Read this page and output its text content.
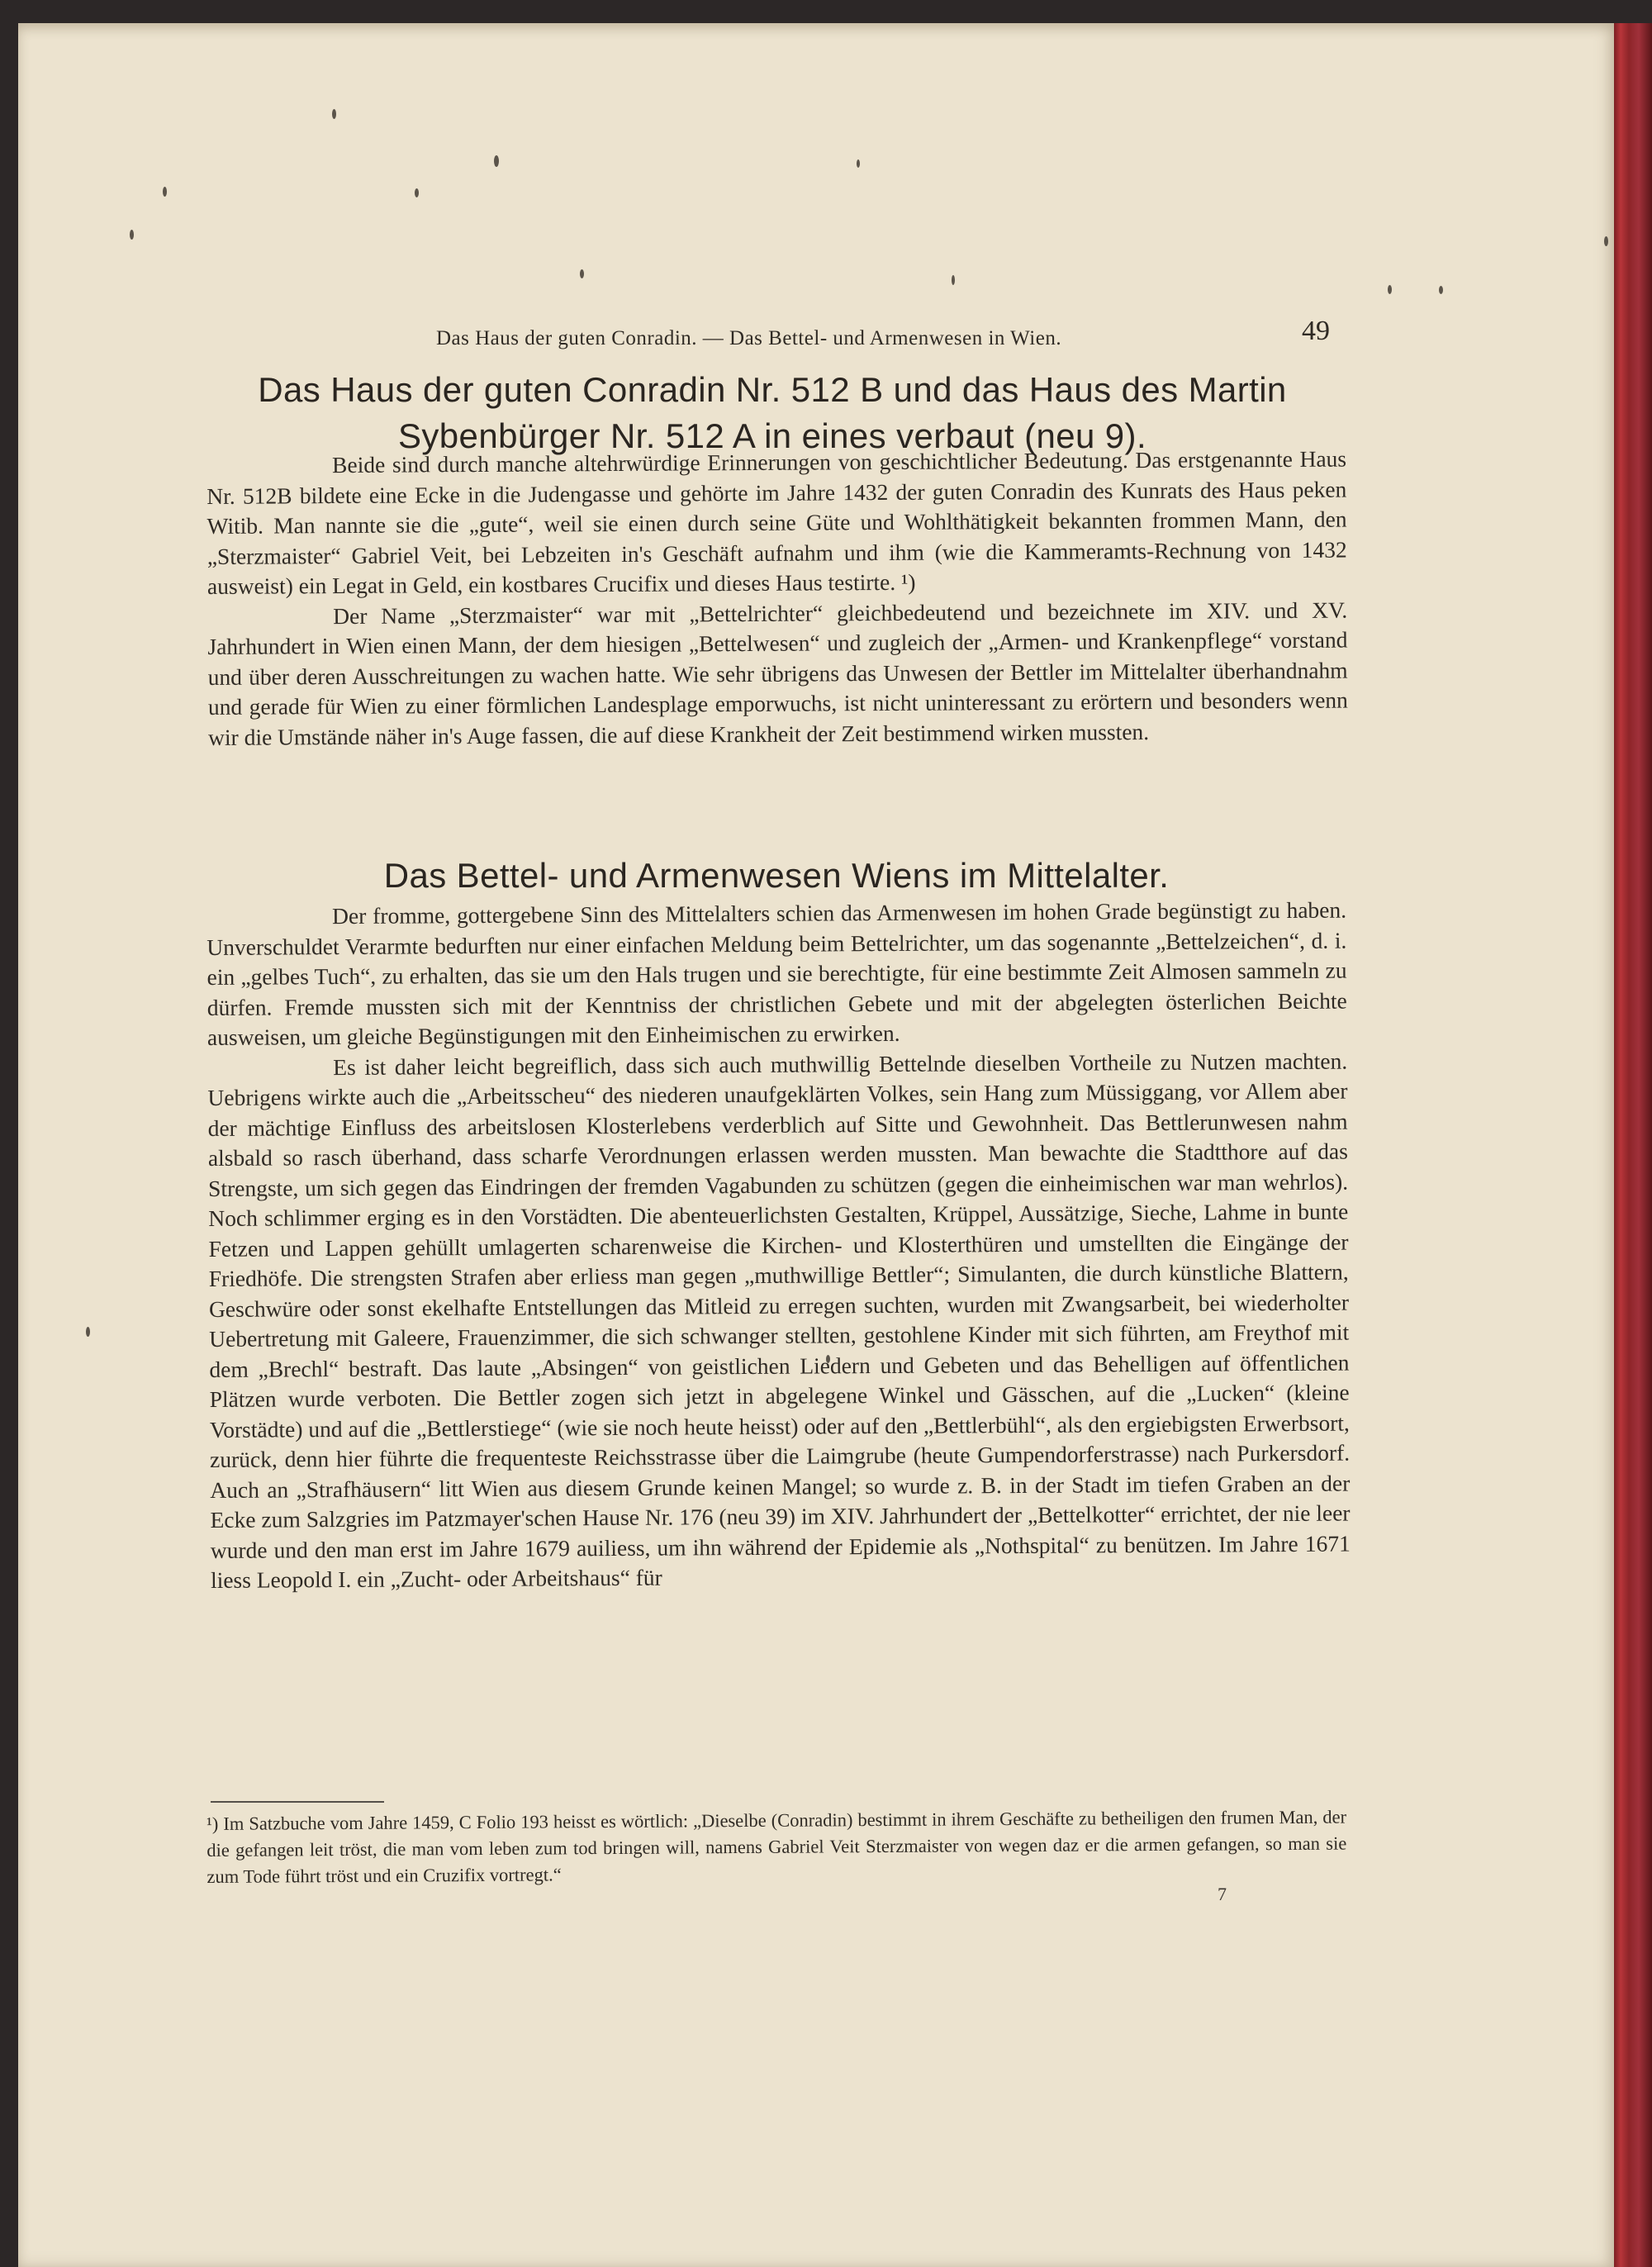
Das Haus der guten Conradin. — Das Bettel- und Armenwesen in Wien.	49
Das Haus der guten Conradin Nr. 512 B und das Haus des Martin
Sybenbürger Nr. 512 A in eines verbaut (neu 9).

Beide sind durch manche altehrwürdige Erinnerungen von geschichtlicher Bedeutung. Das erstgenannte Haus Nr. 512B bildete eine Ecke in die Judengasse und gehörte im Jahre 1432 der guten Conradin des Kunrats des Haus peken Witib. Man nannte sie die „gute“, weil sie einen durch seine Güte und Wohlthätigkeit bekannten frommen Mann, den „Sterzmaister“ Gabriel Veit, bei Lebzeiten in's Geschäft aufnahm und ihm (wie die Kammeramts-Rechnung von 1432 ausweist) ein Legat in Geld, ein kostbares Crucifix und dieses Haus testirte. ¹)

Der Name „Sterzmaister“ war mit „Bettelrichter“ gleichbedeutend und bezeichnete im XIV. und XV. Jahrhundert in Wien einen Mann, der dem hiesigen „Bettelwesen“ und zugleich der „Armen- und Krankenpflege“ vorstand und über deren Ausschreitungen zu wachen hatte. Wie sehr übrigens das Unwesen der Bettler im Mittelalter überhandnahm und gerade für Wien zu einer förmlichen Landesplage emporwuchs, ist nicht uninteressant zu erörtern und besonders wenn wir die Umstände näher in's Auge fassen, die auf diese Krankheit der Zeit bestimmend wirken mussten.

Das Bettel- und Armenwesen Wiens im Mittelalter.

Der fromme, gottergebene Sinn des Mittelalters schien das Armenwesen im hohen Grade begünstigt zu haben. Unverschuldet Verarmte bedurften nur einer einfachen Meldung beim Bettelrichter, um das sogenannte „Bettelzeichen“, d. i. ein „gelbes Tuch“, zu erhalten, das sie um den Hals trugen und sie berechtigte, für eine bestimmte Zeit Almosen sammeln zu dürfen. Fremde mussten sich mit der Kenntniss der christlichen Gebete und mit der abgelegten österlichen Beichte ausweisen, um gleiche Begünstigungen mit den Einheimischen zu erwirken.

Es ist daher leicht begreiflich, dass sich auch muthwillig Bettelnde dieselben Vortheile zu Nutzen machten. Uebrigens wirkte auch die „Arbeitsscheu“ des niederen unaufgeklärten Volkes, sein Hang zum Müssiggang, vor Allem aber der mächtige Einfluss des arbeitslosen Klosterlebens verderblich auf Sitte und Gewohnheit. Das Bettlerunwesen nahm alsbald so rasch überhand, dass scharfe Verordnungen erlassen werden mussten. Man bewachte die Stadtthore auf das Strengste, um sich gegen das Eindringen der fremden Vagabunden zu schützen (gegen die einheimischen war man wehrlos). Noch schlimmer erging es in den Vorstädten. Die abenteuerlichsten Gestalten, Krüppel, Aussätzige, Sieche, Lahme in bunte Fetzen und Lappen gehüllt umlagerten scharenweise die Kirchen- und Klosterthüren und umstellten die Eingänge der Friedhöfe. Die strengsten Strafen aber erliess man gegen „muthwillige Bettler“; Simulanten, die durch künstliche Blattern, Geschwüre oder sonst ekelhafte Entstellungen das Mitleid zu erregen suchten, wurden mit Zwangsarbeit, bei wiederholter Uebertretung mit Galeere, Frauenzimmer, die sich schwanger stellten, gestohlene Kinder mit sich führten, am Freythof mit dem „Brechl“ bestraft. Das laute „Absingen“ von geistlichen Liedern und Gebeten und das Behelligen auf öffentlichen Plätzen wurde verboten. Die Bettler zogen sich jetzt in abgelegene Winkel und Gässchen, auf die „Lucken“ (kleine Vorstädte) und auf die „Bettlerstiege“ (wie sie noch heute heisst) oder auf den „Bettlerbühl“, als den ergiebigsten Erwerbsort, zurück, denn hier führte die frequenteste Reichsstrasse über die Laimgrube (heute Gumpendorferstrasse) nach Purkersdorf. Auch an „Strafhäusern“ litt Wien aus diesem Grunde keinen Mangel; so wurde z. B. in der Stadt im tiefen Graben an der Ecke zum Salzgries im Patzmayer'schen Hause Nr. 176 (neu 39) im XIV. Jahrhundert der „Bettelkotter“ errichtet, der nie leer wurde und den man erst im Jahre 1679 auiliess, um ihn während der Epidemie als „Nothspital“ zu benützen. Im Jahre 1671 liess Leopold I. ein „Zucht- oder Arbeitshaus“ für

¹) Im Satzbuche vom Jahre 1459, C Folio 193 heisst es wörtlich: „Dieselbe (Conradin) bestimmt in ihrem Geschäfte zu betheiligen den frumen Man, der die gefangen leit tröst, die man vom leben zum tod bringen will, namens Gabriel Veit Sterzmaister von wegen daz er die armen gefangen, so man sie zum Tode führt tröst und ein Cruzifix vortregt.“
7
